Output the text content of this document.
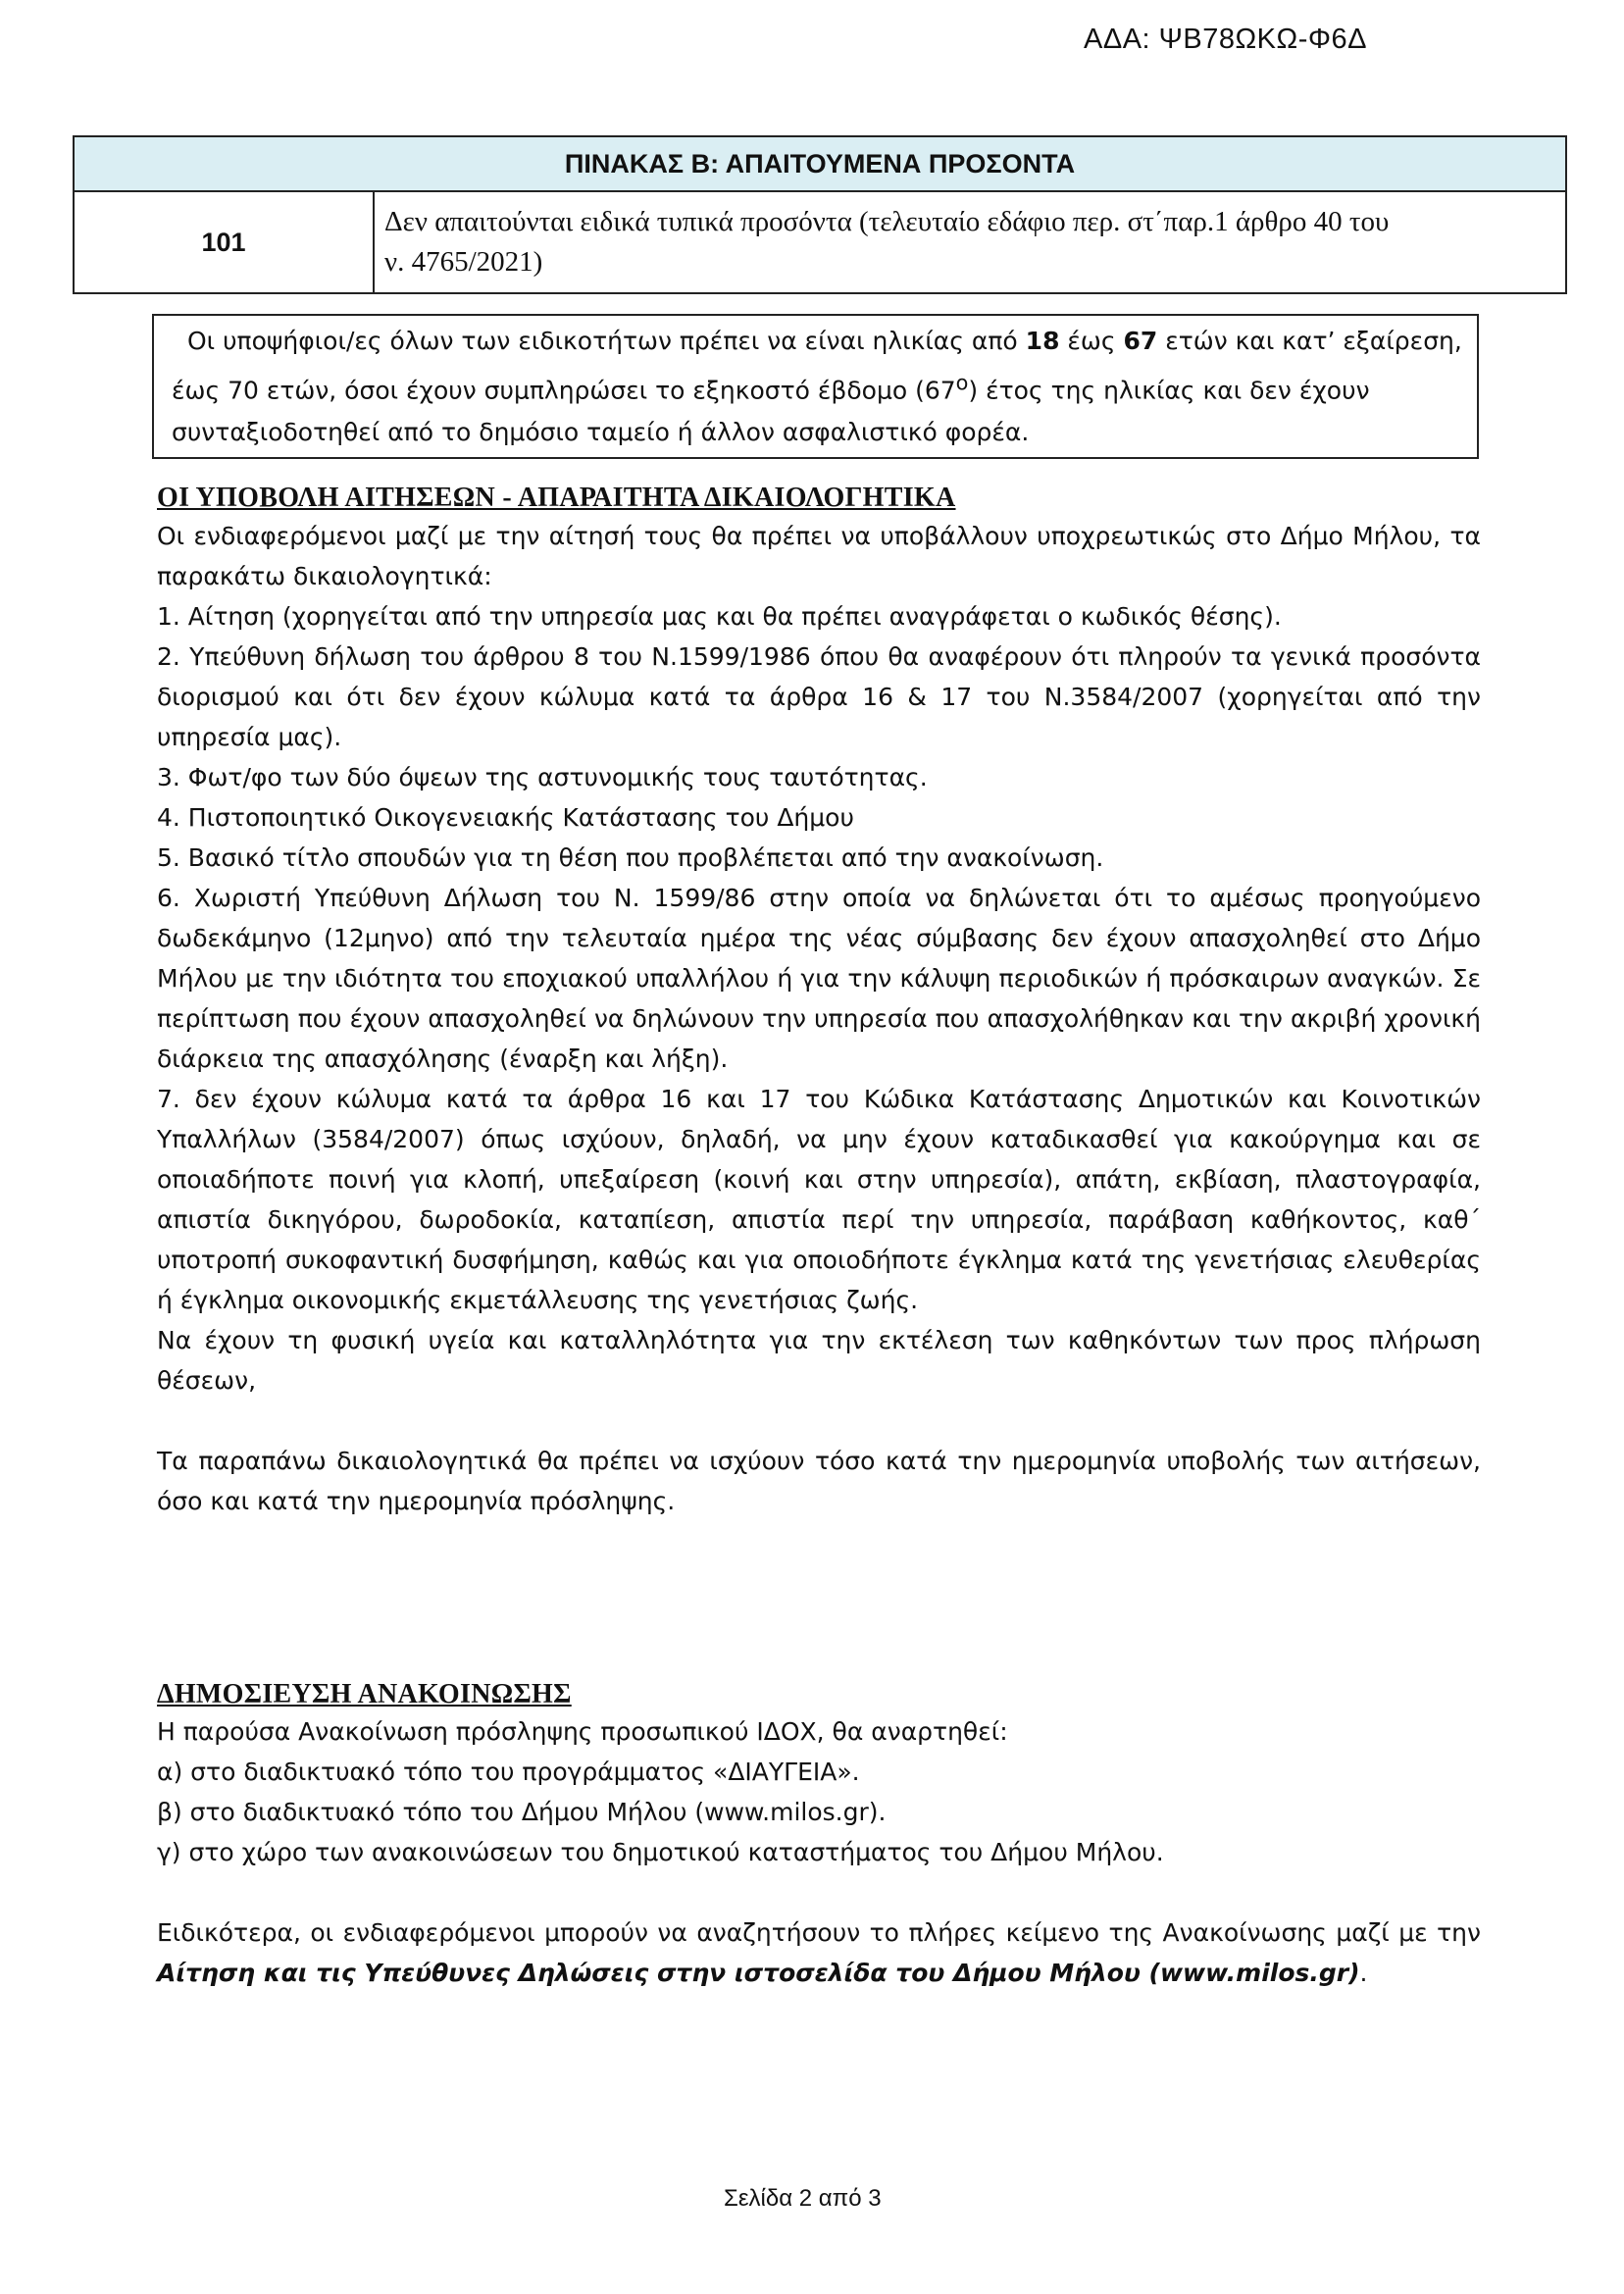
ΑΔΑ: ΨΒ78ΩΚΩ-Φ6Δ
ΠΙΝΑΚΑΣ Β: ΑΠΑΙΤΟΥΜΕΝΑ ΠΡΟΣΟΝΤΑ
101	Δεν απαιτούνται ειδικά τυπικά προσόντα (τελευταίο εδάφιο περ. στ΄παρ.1 άρθρο 40 του
ν. 4765/2021)

Οι υποψήφιοι/ες όλων των ειδικοτήτων πρέπει να είναι ηλικίας από 18 έως 67 ετών και κατ’ εξαίρεση, έως 70 ετών, όσοι έχουν συμπληρώσει το εξηκοστό έβδομο $(67^o)$ έτος της ηλικίας και δεν έχουν συνταξιοδοτηθεί από το δημόσιο ταμείο ή άλλον ασφαλιστικό φορέα.

ΟΙ ΥΠΟΒΟΛΗ ΑΙΤΗΣΕΩΝ - ΑΠΑΡΑΙΤΗΤΑ ΔΙΚΑΙΟΛΟΓΗΤΙΚΑ

Οι ενδιαφερόμενοι μαζί με την αίτησή τους θα πρέπει να υποβάλλουν υποχρεωτικώς στο Δήμο Μήλου, τα παρακάτω δικαιολογητικά:

1. Αίτηση (χορηγείται από την υπηρεσία μας και θα πρέπει αναγράφεται ο κωδικός θέσης).

2. Υπεύθυνη δήλωση του άρθρου 8 του Ν.1599/1986 όπου θα αναφέρουν ότι πληρούν τα γενικά προσόντα διορισμού και ότι δεν έχουν κώλυμα κατά τα άρθρα 16 & 17 του Ν.3584/2007 (χορηγείται από την υπηρεσία μας).

3. Φωτ/φο των δύο όψεων της αστυνομικής τους ταυτότητας.

4. Πιστοποιητικό Οικογενειακής Κατάστασης του Δήμου

5. Βασικό τίτλο σπουδών για τη θέση που προβλέπεται από την ανακοίνωση.

6. Χωριστή Υπεύθυνη Δήλωση του Ν. 1599/86 στην οποία να δηλώνεται ότι το αμέσως προηγούμενο δωδεκάμηνο (12μηνο) από την τελευταία ημέρα της νέας σύμβασης δεν έχουν απασχοληθεί στο Δήμο Μήλου με την ιδιότητα του εποχιακού υπαλλήλου ή για την κάλυψη περιοδικών ή πρόσκαιρων αναγκών. Σε περίπτωση που έχουν απασχοληθεί να δηλώνουν την υπηρεσία που απασχολήθηκαν και την ακριβή χρονική διάρκεια της απασχόλησης (έναρξη και λήξη).

7. δεν έχουν κώλυμα κατά τα άρθρα 16 και 17 του Κώδικα Κατάστασης Δημοτικών και Κοινοτικών Υπαλλήλων (3584/2007) όπως ισχύουν, δηλαδή, να μην έχουν καταδικασθεί για κακούργημα και σε οποιαδήποτε ποινή για κλοπή, υπεξαίρεση (κοινή και στην υπηρεσία), απάτη, εκβίαση, πλαστογραφία, απιστία δικηγόρου, δωροδοκία, καταπίεση, απιστία περί την υπηρεσία, παράβαση καθήκοντος, καθ΄ υποτροπή συκοφαντική δυσφήμηση, καθώς και για οποιοδήποτε έγκλημα κατά της γενετήσιας ελευθερίας ή έγκλημα οικονομικής εκμετάλλευσης της γενετήσιας ζωής.

Να έχουν τη φυσική υγεία και καταλληλότητα για την εκτέλεση των καθηκόντων των προς πλήρωση θέσεων,

Τα παραπάνω δικαιολογητικά θα πρέπει να ισχύουν τόσο κατά την ημερομηνία υποβολής των αιτήσεων, όσο και κατά την ημερομηνία πρόσληψης.

ΔΗΜΟΣΙΕΥΣΗ ΑΝΑΚΟΙΝΩΣΗΣ

Η παρούσα Ανακοίνωση πρόσληψης προσωπικού ΙΔΟΧ, θα αναρτηθεί:

α) στο διαδικτυακό τόπο του προγράμματος «ΔΙΑΥΓΕΙΑ».

β) στο διαδικτυακό τόπο του Δήμου Μήλου (www.milos.gr).

γ) στο χώρο των ανακοινώσεων του δημοτικού καταστήματος του Δήμου Μήλου.

Ειδικότερα, οι ενδιαφερόμενοι μπορούν να αναζητήσουν το πλήρες κείμενο της Ανακοίνωσης μαζί με την Αίτηση και τις Υπεύθυνες Δηλώσεις στην ιστοσελίδα του Δήμου Μήλου (www.milos.gr).

Σελίδα 2 από 3
